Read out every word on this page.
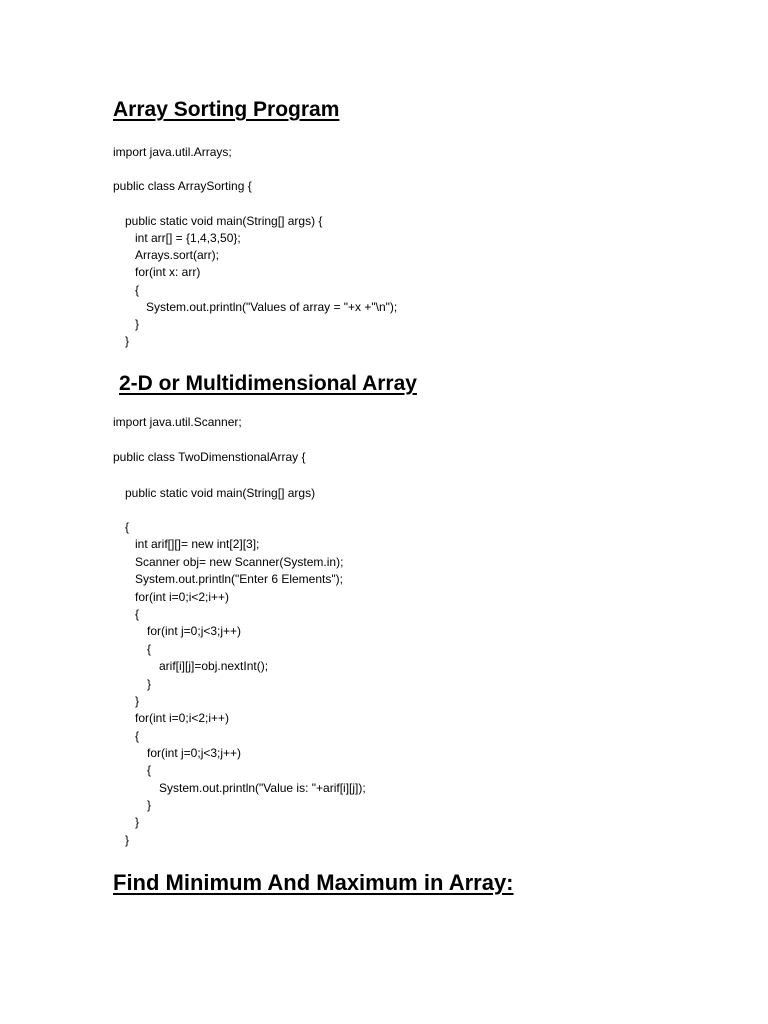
Array Sorting Program

import java.util.Arrays;

public class ArraySorting {

public static void main(String[] args) {

int arr[] = {1,4,3,50};

Arrays.sort(arr);

for(int x: arr)

{

System.out.println("Values of array = "+x +"\n");

}

}

2-D or Multidimensional Array

import java.util.Scanner;

public class TwoDimenstionalArray {

public static void main(String[] args)

{

int arif[][]= new int[2][3];

Scanner obj= new Scanner(System.in);

System.out.println("Enter 6 Elements");

for(int i=0;i<2;i++)

{

for(int j=0;j<3;j++)

{

arif[i][j]=obj.nextInt();

}

}

for(int i=0;i<2;i++)

{

for(int j=0;j<3;j++)

{

System.out.println("Value is: "+arif[i][j]);

}

}

}

Find Minimum And Maximum in Array:
